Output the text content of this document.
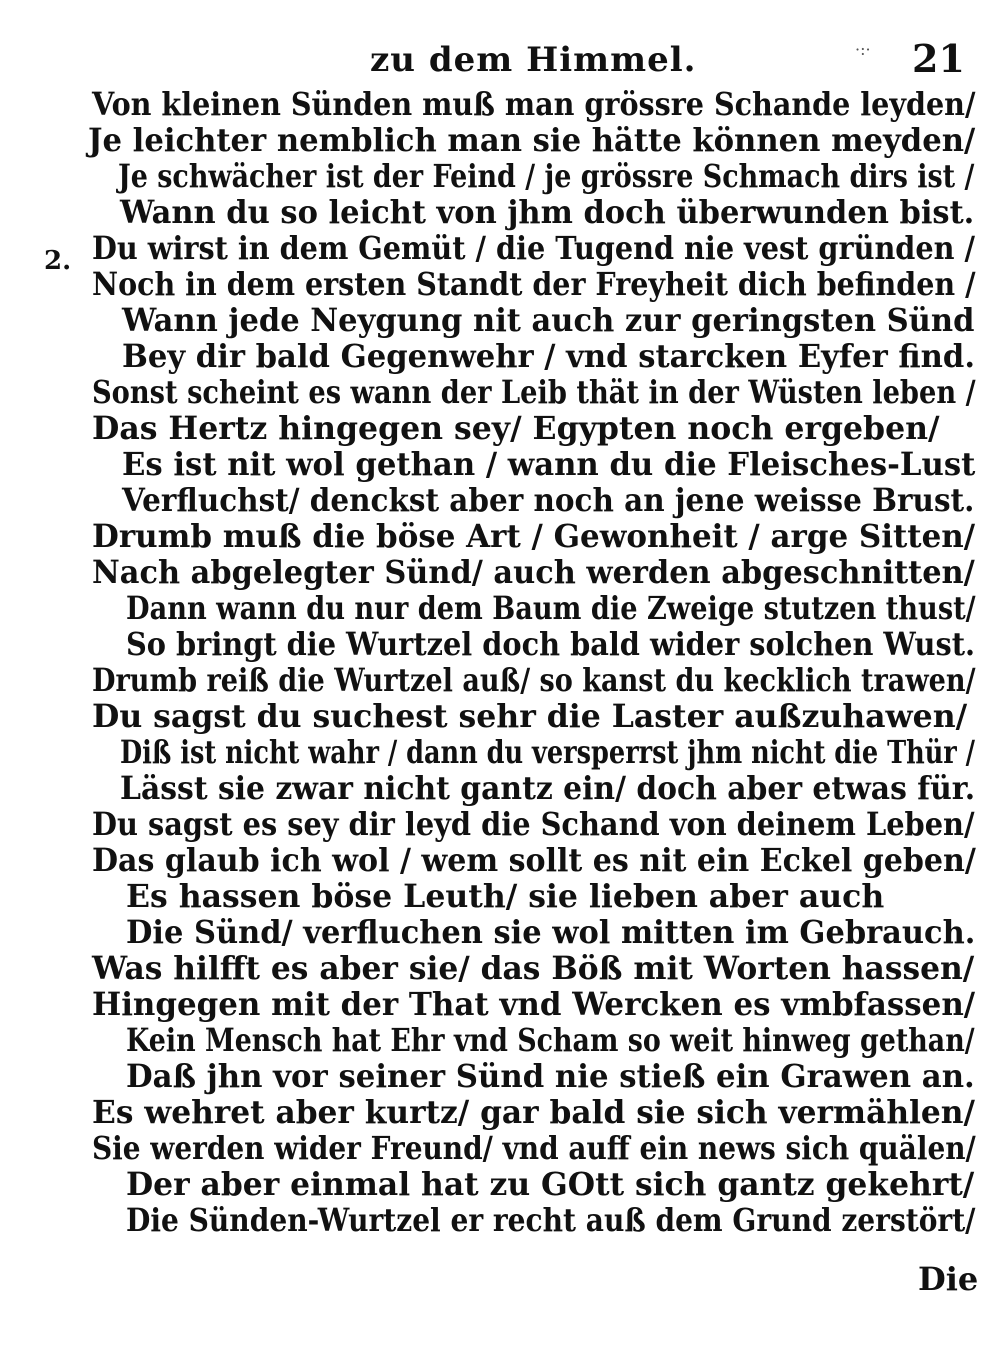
zu dem Himmel.	·:· 21
2.
Von kleinen Sünden muß man grössre Schande leyden/
Je leichter nemblich man sie hätte können meyden/
Je schwächer ist der Feind / je grössre Schmach dirs ist /
Wann du so leicht von jhm doch überwunden bist.
Du wirst in dem Gemüt / die Tugend nie vest gründen /
Noch in dem ersten Standt der Freyheit dich befinden /
Wann jede Neygung nit auch zur geringsten Sünd
Bey dir bald Gegenwehr / vnd starcken Eyfer find.
Sonst scheint es wann der Leib thät in der Wüsten leben /
Das Hertz hingegen sey/ Egypten noch ergeben/
Es ist nit wol gethan / wann du die Fleisches-Lust
Verfluchst/ denckst aber noch an jene weisse Brust.
Drumb muß die böse Art / Gewonheit / arge Sitten/
Nach abgelegter Sünd/ auch werden abgeschnitten/
Dann wann du nur dem Baum die Zweige stutzen thust/
So bringt die Wurtzel doch bald wider solchen Wust.
Drumb reiß die Wurtzel auß/ so kanst du kecklich trawen/
Du sagst du suchest sehr die Laster außzuhawen/
Diß ist nicht wahr / dann du versperrst jhm nicht die Thür /
Lässt sie zwar nicht gantz ein/ doch aber etwas für.
Du sagst es sey dir leyd die Schand von deinem Leben/
Das glaub ich wol / wem sollt es nit ein Eckel geben/
Es hassen böse Leuth/ sie lieben aber auch
Die Sünd/ verfluchen sie wol mitten im Gebrauch.
Was hilfft es aber sie/ das Böß mit Worten hassen/
Hingegen mit der That vnd Wercken es vmbfassen/
Kein Mensch hat Ehr vnd Scham so weit hinweg gethan/
Daß jhn vor seiner Sünd nie stieß ein Grawen an.
Es wehret aber kurtz/ gar bald sie sich vermählen/
Sie werden wider Freund/ vnd auff ein news sich quälen/
Der aber einmal hat zu GOtt sich gantz gekehrt/
Die Sünden-Wurtzel er recht auß dem Grund zerstört/
Die
